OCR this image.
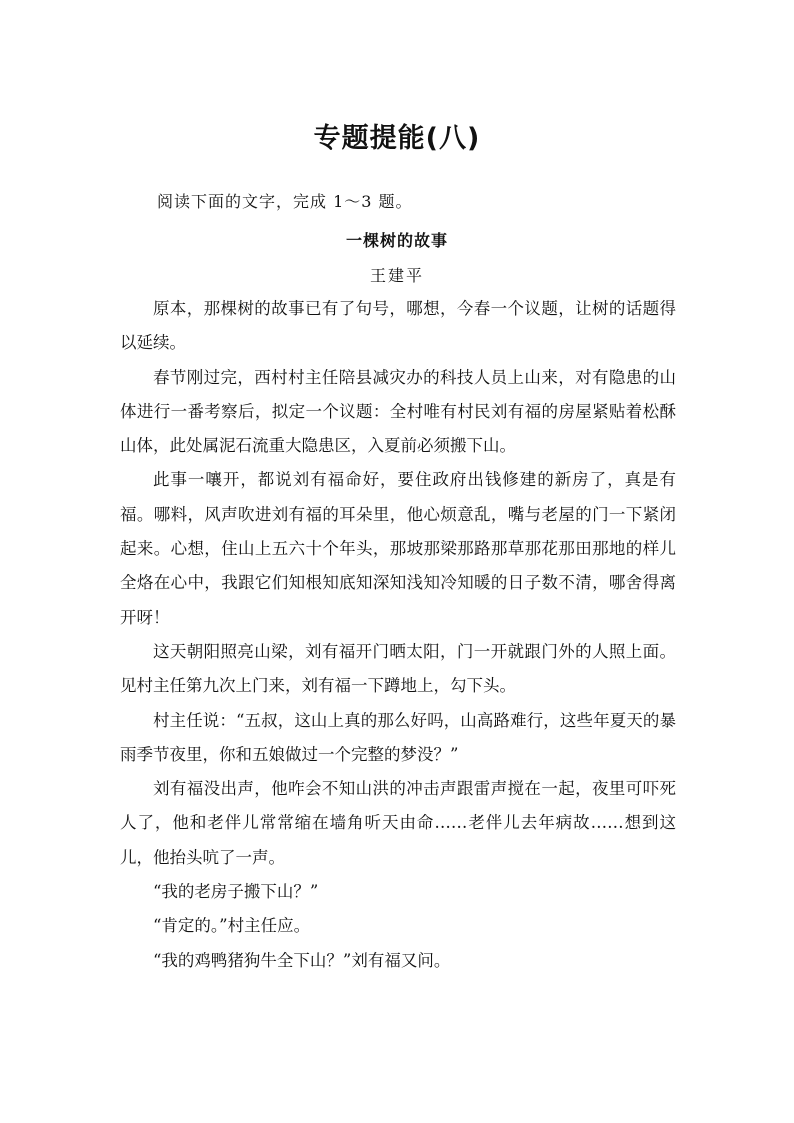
专题提能(八)
阅读下面的文字，完成 1～3 题。
一棵树的故事
王建平

原本，那棵树的故事已有了句号，哪想，今春一个议题，让树的话题得以延续。

春节刚过完，西村村主任陪县减灾办的科技人员上山来，对有隐患的山体进行一番考察后，拟定一个议题：全村唯有村民刘有福的房屋紧贴着松酥山体，此处属泥石流重大隐患区，入夏前必须搬下山。

此事一嚷开，都说刘有福命好，要住政府出钱修建的新房了，真是有福。哪料，风声吹进刘有福的耳朵里，他心烦意乱，嘴与老屋的门一下紧闭起来。心想，住山上五六十个年头，那坡那梁那路那草那花那田那地的样儿全烙在心中，我跟它们知根知底知深知浅知冷知暖的日子数不清，哪舍得离开呀！

这天朝阳照亮山梁，刘有福开门晒太阳，门一开就跟门外的人照上面。见村主任第九次上门来，刘有福一下蹲地上，勾下头。

村主任说：“五叔，这山上真的那么好吗，山高路难行，这些年夏天的暴雨季节夜里，你和五娘做过一个完整的梦没？”

刘有福没出声，他咋会不知山洪的冲击声跟雷声搅在一起，夜里可吓死人了，他和老伴儿常常缩在墙角听天由命……老伴儿去年病故……想到这儿，他抬头吭了一声。

“我的老房子搬下山？”

“肯定的。”村主任应。

“我的鸡鸭猪狗牛全下山？”刘有福又问。
